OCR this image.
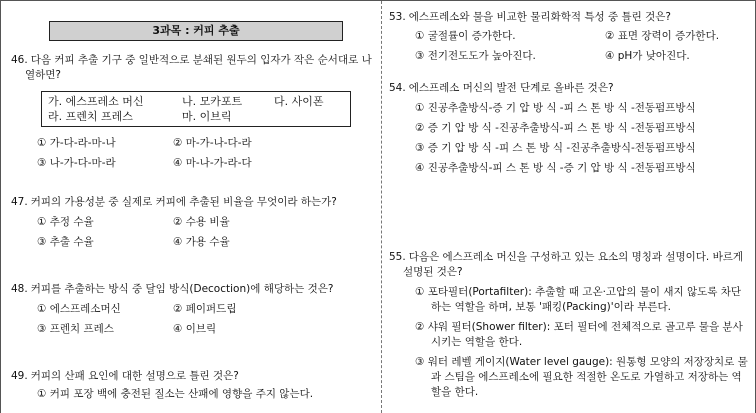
3과목 : 커피 추출
46. 다음 커피 추출 기구 중 일반적으로 분쇄된 원두의 입자가 작은 순서대로 나열하면?
가. 에스프레소 머신	나. 모카포트	다. 사이폰
라. 프렌치 프레스	마. 이브릭
① 가-다-라-마-나	② 마-가-나-다-라
③ 나-가-다-마-라	④ 마-나-가-라-다
47. 커피의 가용성분 중 실제로 커피에 추출된 비율을 무엇이라 하는가?
① 추정 수율	② 수용 비율
③ 추출 수율	④ 가용 수율
48. 커피를 추출하는 방식 중 달임 방식(Decoction)에 해당하는 것은?
① 에스프레소머신	② 페이퍼드립
③ 프렌치 프레스	④ 이브릭
49. 커피의 산패 요인에 대한 설명으로 틀린 것은?
① 커피 포장 백에 충전된 질소는 산패에 영향을 주지 않는다.
53. 에스프레소와 물을 비교한 물리화학적 특성 중 틀린 것은?
① 굴절률이 증가한다.	② 표면 장력이 증가한다.
③ 전기전도도가 높아진다.	④ pH가 낮아진다.
54. 에스프레소 머신의 발전 단계로 올바른 것은?
① 진공추출방식-증 기 압 방 식 -피 스 톤 방 식 -전동펌프방식
② 증 기 압 방 식 -진공추출방식-피 스 톤 방 식 -전동펌프방식
③ 증 기 압 방 식 -피 스 톤 방 식 -진공추출방식-전동펌프방식
④ 진공추출방식-피 스 톤 방 식 -증 기 압 방 식 -전동펌프방식
55. 다음은 에스프레소 머신을 구성하고 있는 요소의 명칭과 설명이다. 바르게 설명된 것은?
① 포타필터(Portafilter): 추출할 때 고온·고압의 물이 새지 않도록 차단하는 역할을 하며, 보통 '패킹(Packing)'이라 부른다.
② 샤워 필터(Shower filter): 포터 필터에 전체적으로 골고루 물을 분사시키는 역할을 한다.
③ 워터 레벨 게이지(Water level gauge): 원통형 모양의 저장장치로 물과 스팀을 에스프레소에 필요한 적절한 온도로 가열하고 저장하는 역할을 한다.
